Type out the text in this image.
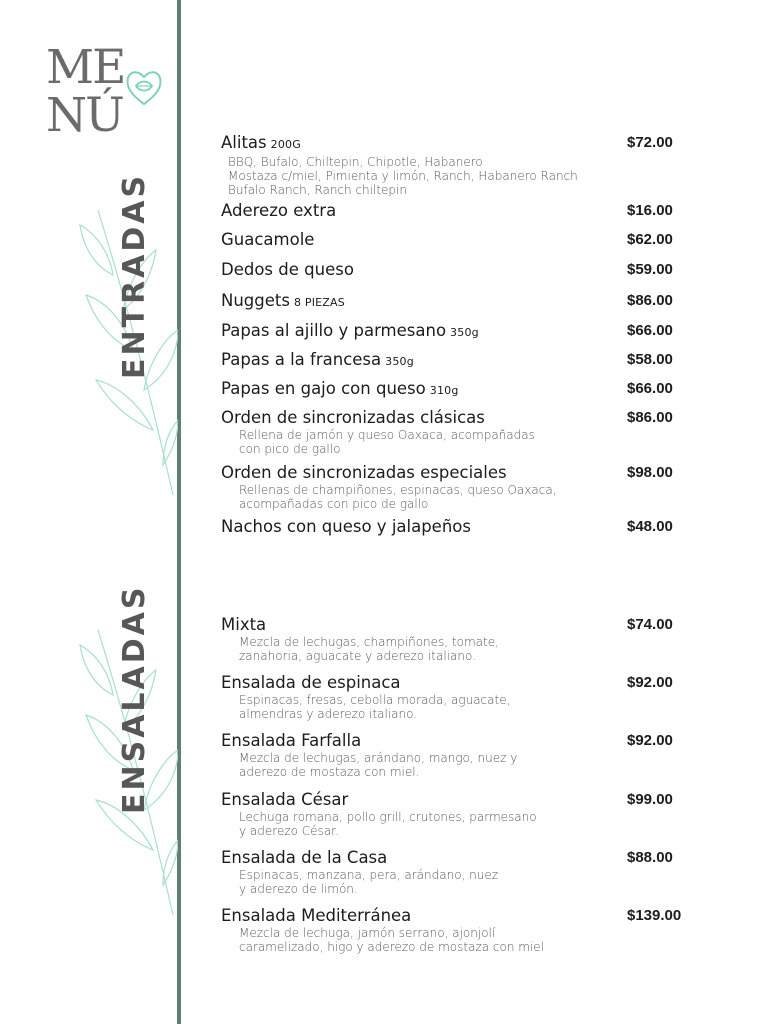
ME
NÚ
ENTRADAS
ENSALADAS
Alitas 200G	$72.00
BBQ, Bufalo, Chiltepin, Chipotle, Habanero
Mostaza c/miel, Pimienta y limón, Ranch, Habanero Ranch
Bufalo Ranch, Ranch chiltepin
Aderezo extra	$16.00
Guacamole	$62.00
Dedos de queso	$59.00
Nuggets 8 PIEZAS	$86.00
Papas al ajillo y parmesano 350g	$66.00
Papas a la francesa 350g	$58.00
Papas en gajo con queso 310g	$66.00
Orden de sincronizadas clásicas	$86.00
Rellena de jamón y queso Oaxaca, acompañadas
con pico de gallo
Orden de sincronizadas especiales	$98.00
Rellenas de champiñones, espinacas, queso Oaxaca,
acompañadas con pico de gallo
Nachos con queso y jalapeños	$48.00
Mixta	$74.00
Mezcla de lechugas, champiñones, tomate,
zanahoria, aguacate y aderezo italiano.
Ensalada de espinaca	$92.00
Espinacas, fresas, cebolla morada, aguacate,
almendras y aderezo italiano.
Ensalada Farfalla	$92.00
Mezcla de lechugas, arándano, mango, nuez y
aderezo de mostaza con miel.
Ensalada César	$99.00
Lechuga romana, pollo grill, crutones, parmesano
y aderezo César.
Ensalada de la Casa	$88.00
Espinacas, manzana, pera, arándano, nuez
y aderezo de limón.
Ensalada Mediterránea	$139.00
Mezcla de lechuga, jamón serrano, ajonjolí
caramelizado, higo y aderezo de mostaza con miel
